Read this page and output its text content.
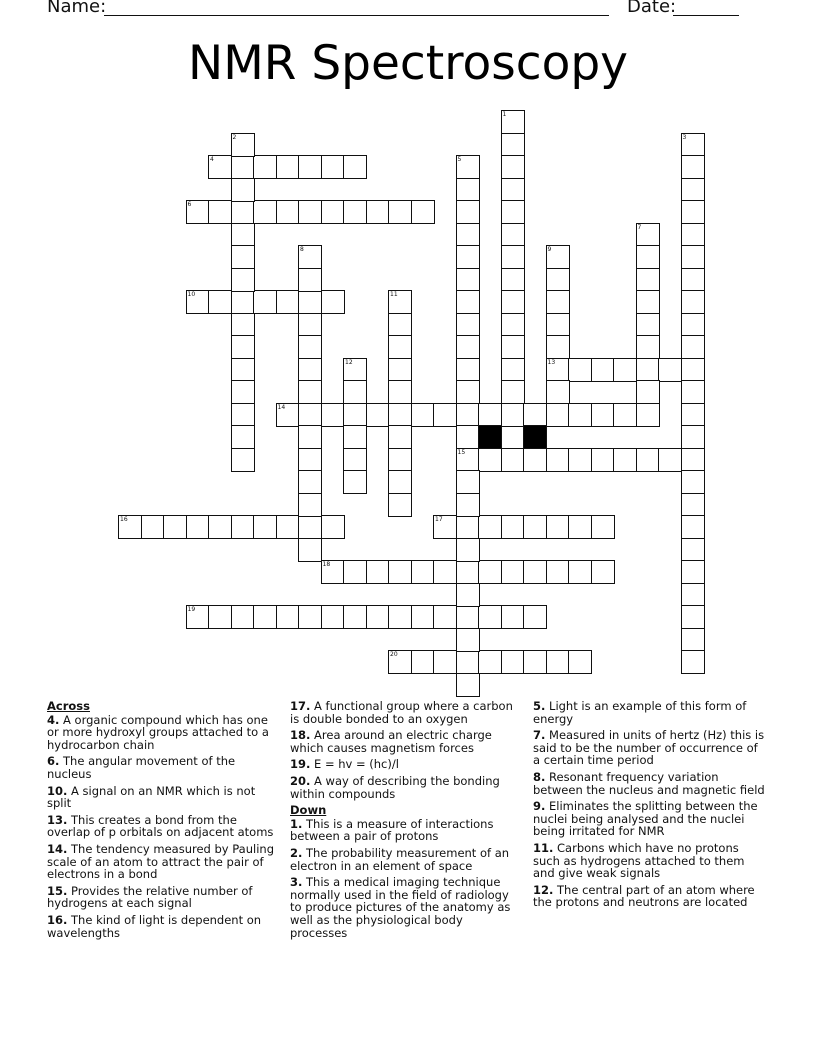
Name:	Date:
NMR Spectroscopy
4
6
10
13
14
15
16	17
18
19
20
1
2	3
5
7
8	9
11
12
Across
4. A organic compound which has one or more hydroxyl groups attached to a hydrocarbon chain
6. The angular movement of the nucleus
10. A signal on an NMR which is not split
13. This creates a bond from the overlap of p orbitals on adjacent atoms
14. The tendency measured by Pauling scale of an atom to attract the pair of electrons in a bond
15. Provides the relative number of hydrogens at each signal
16. The kind of light is dependent on wavelengths
17. A functional group where a carbon is double bonded to an oxygen
18. Area around an electric charge which causes magnetism forces
19. E = hv = (hc)/l
20. A way of describing the bonding within compounds
Down
1. This is a measure of interactions between a pair of protons
2. The probability measurement of an electron in an element of space
3. This a medical imaging technique normally used in the field of radiology to produce pictures of the anatomy as well as the physiological body processes
5. Light is an example of this form of energy
7. Measured in units of hertz (Hz) this is said to be the number of occurrence of a certain time period
8. Resonant frequency variation between the nucleus and magnetic field
9. Eliminates the splitting between the nuclei being analysed and the nuclei being irritated for NMR
11. Carbons which have no protons such as hydrogens attached to them and give weak signals
12. The central part of an atom where the protons and neutrons are located
